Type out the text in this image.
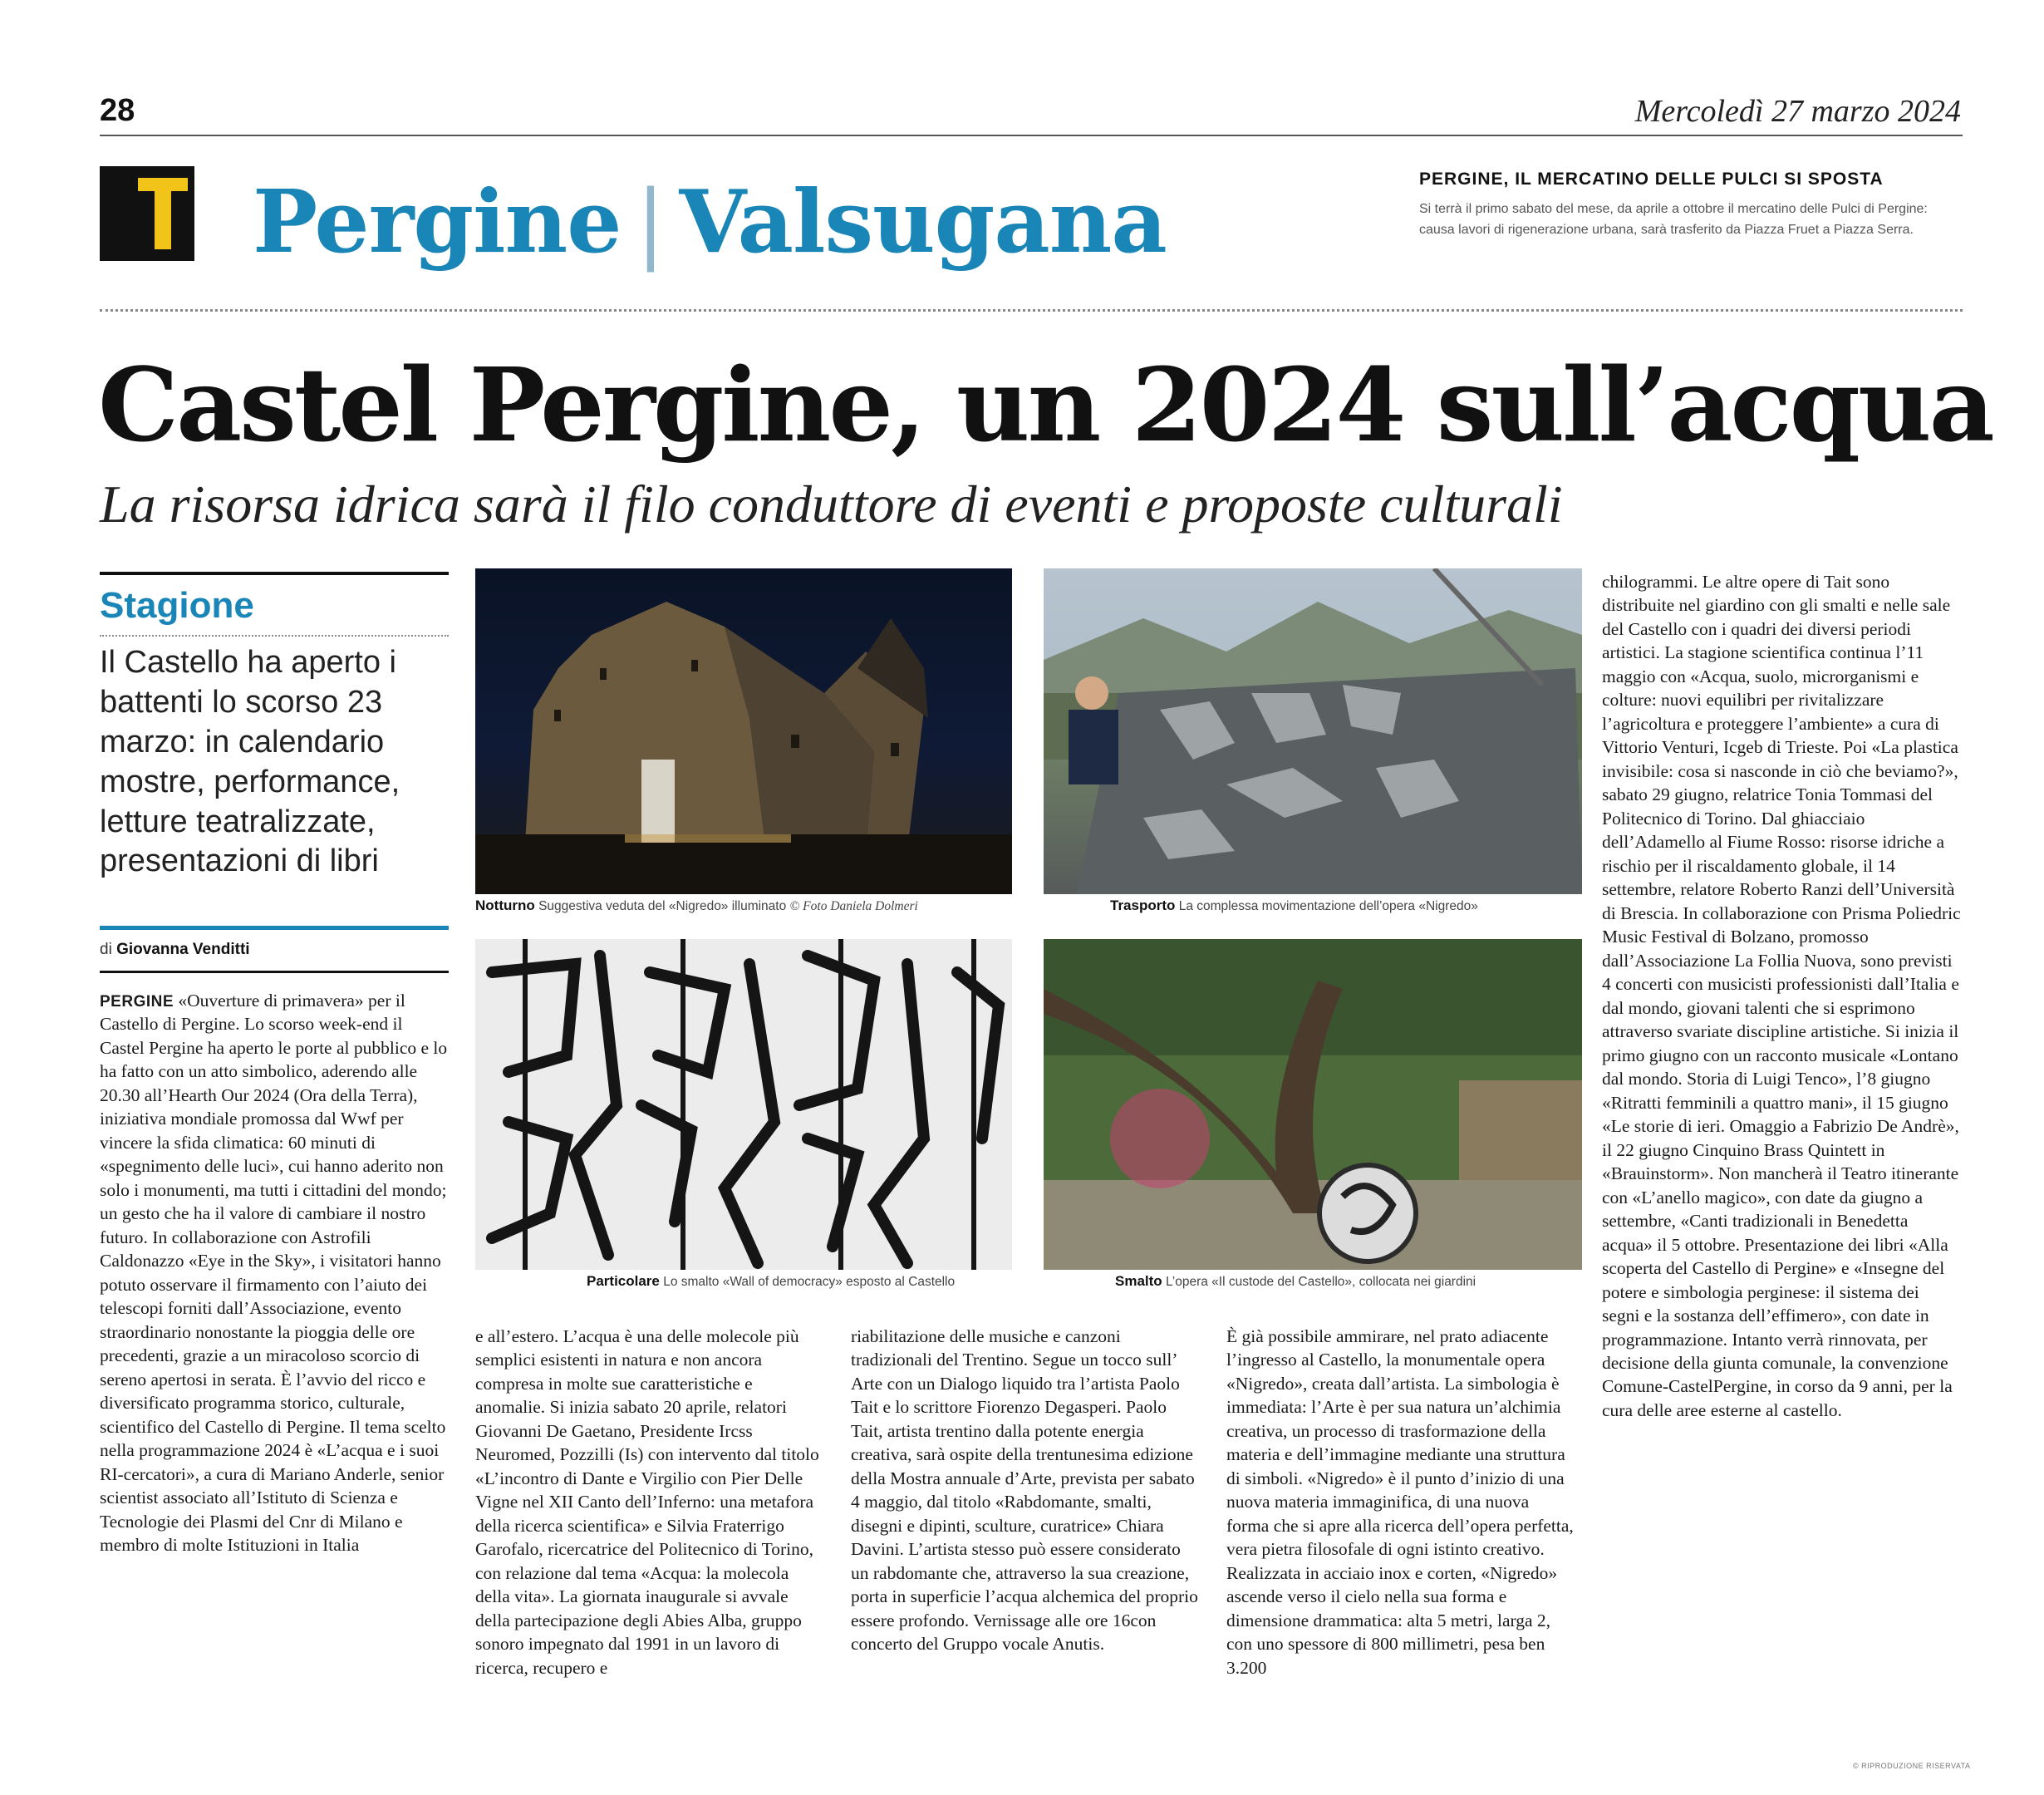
28	Mercoledì 27 marzo 2024
Pergine | Valsugana	PERGINE, IL MERCATINO DELLE PULCI SI SPOSTA
Si terrà il primo sabato del mese, da aprile a ottobre il mercatino delle Pulci di Pergine: causa lavori di rigenerazione urbana, sarà trasferito da Piazza Fruet a Piazza Serra.
Castel Pergine, un 2024 sull’acqua
La risorsa idrica sarà il filo conduttore di eventi e proposte culturali
Stagione
Il Castello ha aperto i battenti lo scorso 23 marzo: in calendario mostre, performance, letture teatralizzate, presentazioni di libri
di Giovanna Venditti
PERGINE «Ouverture di primavera» per il Castello di Pergine. Lo scorso week-end il Castel Pergine ha aperto le porte al pubblico e lo ha fatto con un atto simbolico, aderendo alle 20.30 all’Hearth Our 2024 (Ora della Terra), iniziativa mondiale promossa dal Wwf per vincere la sfida climatica: 60 minuti di «spegnimento delle luci», cui hanno aderito non solo i monumenti, ma tutti i cittadini del mondo; un gesto che ha il valore di cambiare il nostro futuro. In collaborazione con Astrofili Caldonazzo «Eye in the Sky», i visitatori hanno potuto osservare il firmamento con l’aiuto dei telescopi forniti dall’Associazione, evento straordinario nonostante la pioggia delle ore precedenti, grazie a un miracoloso scorcio di sereno apertosi in serata. È l’avvio del ricco e diversificato programma storico, culturale, scientifico del Castello di Pergine. Il tema scelto nella programmazione 2024 è «L’acqua e i suoi RI-cercatori», a cura di Mariano Anderle, senior scientist associato all’Istituto di Scienza e Tecnologie dei Plasmi del Cnr di Milano e membro di molte Istituzioni in Italia
e all’estero. L’acqua è una delle molecole più semplici esistenti in natura e non ancora compresa in molte sue caratteristiche e anomalie. Si inizia sabato 20 aprile, relatori Giovanni De Gaetano, Presidente Ircss Neuromed, Pozzilli (Is) con intervento dal titolo «L’incontro di Dante e Virgilio con Pier Delle Vigne nel XII Canto dell’Inferno: una metafora della ricerca scientifica» e Silvia Fraterrigo Garofalo, ricercatrice del Politecnico di Torino, con relazione dal tema «Acqua: la molecola della vita». La giornata inaugurale si avvale della partecipazione degli Abies Alba, gruppo sonoro impegnato dal 1991 in un lavoro di ricerca, recupero e
riabilitazione delle musiche e canzoni tradizionali del Trentino. Segue un tocco sull’ Arte con un Dialogo liquido tra l’artista Paolo Tait e lo scrittore Fiorenzo Degasperi. Paolo Tait, artista trentino dalla potente energia creativa, sarà ospite della trentunesima edizione della Mostra annuale d’Arte, prevista per sabato 4 maggio, dal titolo «Rabdomante, smalti, disegni e dipinti, sculture, curatrice» Chiara Davini. L’artista stesso può essere considerato un rabdomante che, attraverso la sua creazione, porta in superficie l’acqua alchemica del proprio essere profondo. Vernissage alle ore 16con concerto del Gruppo vocale Anutis.
È già possibile ammirare, nel prato adiacente l’ingresso al Castello, la monumentale opera «Nigredo», creata dall’artista. La simbologia è immediata: l’Arte è per sua natura un’alchimia creativa, un processo di trasformazione della materia e dell’immagine mediante una struttura di simboli. «Nigredo» è il punto d’inizio di una nuova materia immaginifica, di una nuova forma che si apre alla ricerca dell’opera perfetta, vera pietra filosofale di ogni istinto creativo. Realizzata in acciaio inox e corten, «Nigredo» ascende verso il cielo nella sua forma e dimensione drammatica: alta 5 metri, larga 2, con uno spessore di 800 millimetri, pesa ben 3.200
chilogrammi. Le altre opere di Tait sono distribuite nel giardino con gli smalti e nelle sale del Castello con i quadri dei diversi periodi artistici. La stagione scientifica continua l’11 maggio con «Acqua, suolo, microrganismi e colture: nuovi equilibri per rivitalizzare l’agricoltura e proteggere l’ambiente» a cura di Vittorio Venturi, Icgeb di Trieste. Poi «La plastica invisibile: cosa si nasconde in ciò che beviamo?», sabato 29 giugno, relatrice Tonia Tommasi del Politecnico di Torino. Dal ghiacciaio dell’Adamello al Fiume Rosso: risorse idriche a rischio per il riscaldamento globale, il 14 settembre, relatore Roberto Ranzi dell’Università di Brescia. In collaborazione con Prisma Poliedric Music Festival di Bolzano, promosso dall’Associazione La Follia Nuova, sono previsti 4 concerti con musicisti professionisti dall’Italia e dal mondo, giovani talenti che si esprimono attraverso svariate discipline artistiche. Si inizia il primo giugno con un racconto musicale «Lontano dal mondo. Storia di Luigi Tenco», l’8 giugno «Ritratti femminili a quattro mani», il 15 giugno «Le storie di ieri. Omaggio a Fabrizio De Andrè», il 22 giugno Cinquino Brass Quintett in «Brauinstorm». Non mancherà il Teatro itinerante con «L’anello magico», con date da giugno a settembre, «Canti tradizionali in Benedetta acqua» il 5 ottobre. Presentazione dei libri «Alla scoperta del Castello di Pergine» e «Insegne del potere e simbologia perginese: il sistema dei segni e la sostanza dell’effimero», con date in programmazione. Intanto verrà rinnovata, per decisione della giunta comunale, la convenzione Comune-CastelPergine, in corso da 9 anni, per la cura delle aree esterne al castello.
© RIPRODUZIONE RISERVATA
Notturno Suggestiva veduta del «Nigredo» illuminato © Foto Daniela Dolmeri	Trasporto La complessa movimentazione dell’opera «Nigredo»
Particolare Lo smalto «Wall of democracy» esposto al Castello	Smalto L’opera «Il custode del Castello», collocata nei giardini
